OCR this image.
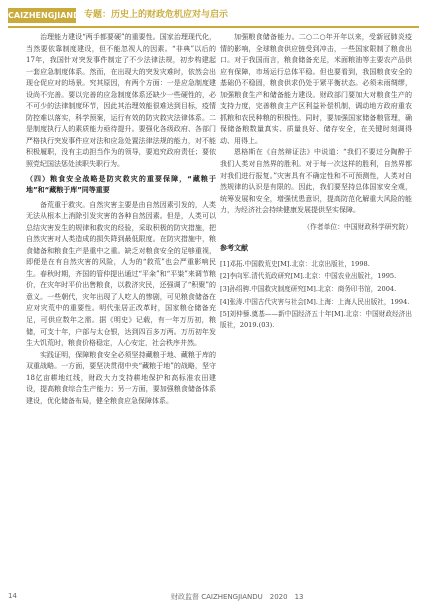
CAIZHENGJIANDU
专题：历史上的财政危机应对与启示

治理能力建设“两手都要硬”的重要性。国家治理现代化，当然要依靠制度建设，但不能忽视人的因素。“非典”以后的17年，我国针对突发事件制定了不少法律法规，初步构建起一套应急制度体系。然而，在出现大的突发灾难时，依然会出现仓促应对的场景。究其原因，有两个方面：一是应急制度建设尚不完善。要以完善的应急制度体系还缺少一些硬性的，必不可少的法律制度环节，因此其治理效能很难达到目标，疫情防控难以落实，科学预案，运行有效的防灾救灾法律体系。二是制度执行人的素质能力亟待提升。要强化各级政府、各部门严格执行突发事件应对法和应急处置法律法规的能力，对不能积极履职，没有主动担当作为的领导，要追究政府责任；要依照党纪国法惩处渎职失职行为。

（四）粮食安全战略是防灾救灾的重要保障，“藏粮于地”和“藏粮于库”同等重要

备荒重于救灾。自然灾害主要是由自然因素引发的，人类无法从根本上消除引发灾害的各种自然因素。但是，人类可以总结灾害发生的规律和救灾的经验，采取积极的防灾措施，把自然灾害对人类造成的损失降到最低限度。在防灾措施中，粮食储备和粮食生产是重中之重。缺乏对粮食安全的足够重视，即便是在有自然灾害的风险，人为的“救荒”也会严重影响民生。春秋时期，齐国的管仲提出通过“平籴”和“平粜”来调节粮价，在灾年时平价出售粮食，以救济灾民，还强调了“积聚”的意义。一些朝代，灾年出现了人吃人的惨剧，可见粮食储备在应对灾荒中的重要性。明代张居正改革时，国家粮仓储备充足，可供应数年之需。据《明史》记载，有一年万历初，粮储，可支十年，户部与太仓银，达到四百多万两。万历初年发生大饥荒时，粮食价格稳定，人心安定，社会秩序井然。

实践证明，保障粮食安全必须坚持藏粮于地、藏粮于库的双重战略。一方面，要坚决贯彻中央“藏粮于地”的战略，坚守18亿亩耕地红线，财政大力支持耕地保护和高标准农田建设，提高粮食综合生产能力；另一方面，要加强粮食储备体系建设，优化储备布局，健全粮食应急保障体系。

加强粮食储备能力。二○二○年开年以来，受新冠肺炎疫情的影响，全球粮食供应链受到冲击，一些国家限制了粮食出口。对于我国而言，粮食储备充足，米面粮油等主要农产品供应有保障，市场运行总体平稳。但也要看到，我国粮食安全的基础仍不稳固，粮食供求仍处于紧平衡状态。必须未雨绸缪，加强粮食生产和储备能力建设。财政部门要加大对粮食生产的支持力度，完善粮食主产区利益补偿机制，调动地方政府重农抓粮和农民种粮的积极性。同时，要加强国家储备粮管理，确保储备粮数量真实、质量良好、储存安全，在关键时刻调得动、用得上。

恩格斯在《自然辩证法》中说道：“我们不要过分陶醉于我们人类对自然界的胜利。对于每一次这样的胜利，自然界都对我们进行报复。”灾害具有不确定性和不可预测性，人类对自然规律的认识是有限的。因此，我们要坚持总体国家安全观，统筹发展和安全，增强忧患意识，提高防范化解重大风险的能力，为经济社会持续健康发展提供坚实保障。

（作者单位：中国财政科学研究院）
参考文献
[1]邓拓.中国救荒史[M].北京：北京出版社，1998.
[2]李向军.清代荒政研究[M].北京：中国农业出版社，1995.
[3]孙绍骋.中国救灾制度研究[M].北京：商务印书馆，2004.
[4]张涛.中国古代灾害与社会[M].上海：上海人民出版社，1994.
[5]刘仲藜.奠基——新中国经济五十年[M].北京：中国财政经济出版社，2019.(03).
14	财政监督 CAIZHENGJIANDU　2020　13
